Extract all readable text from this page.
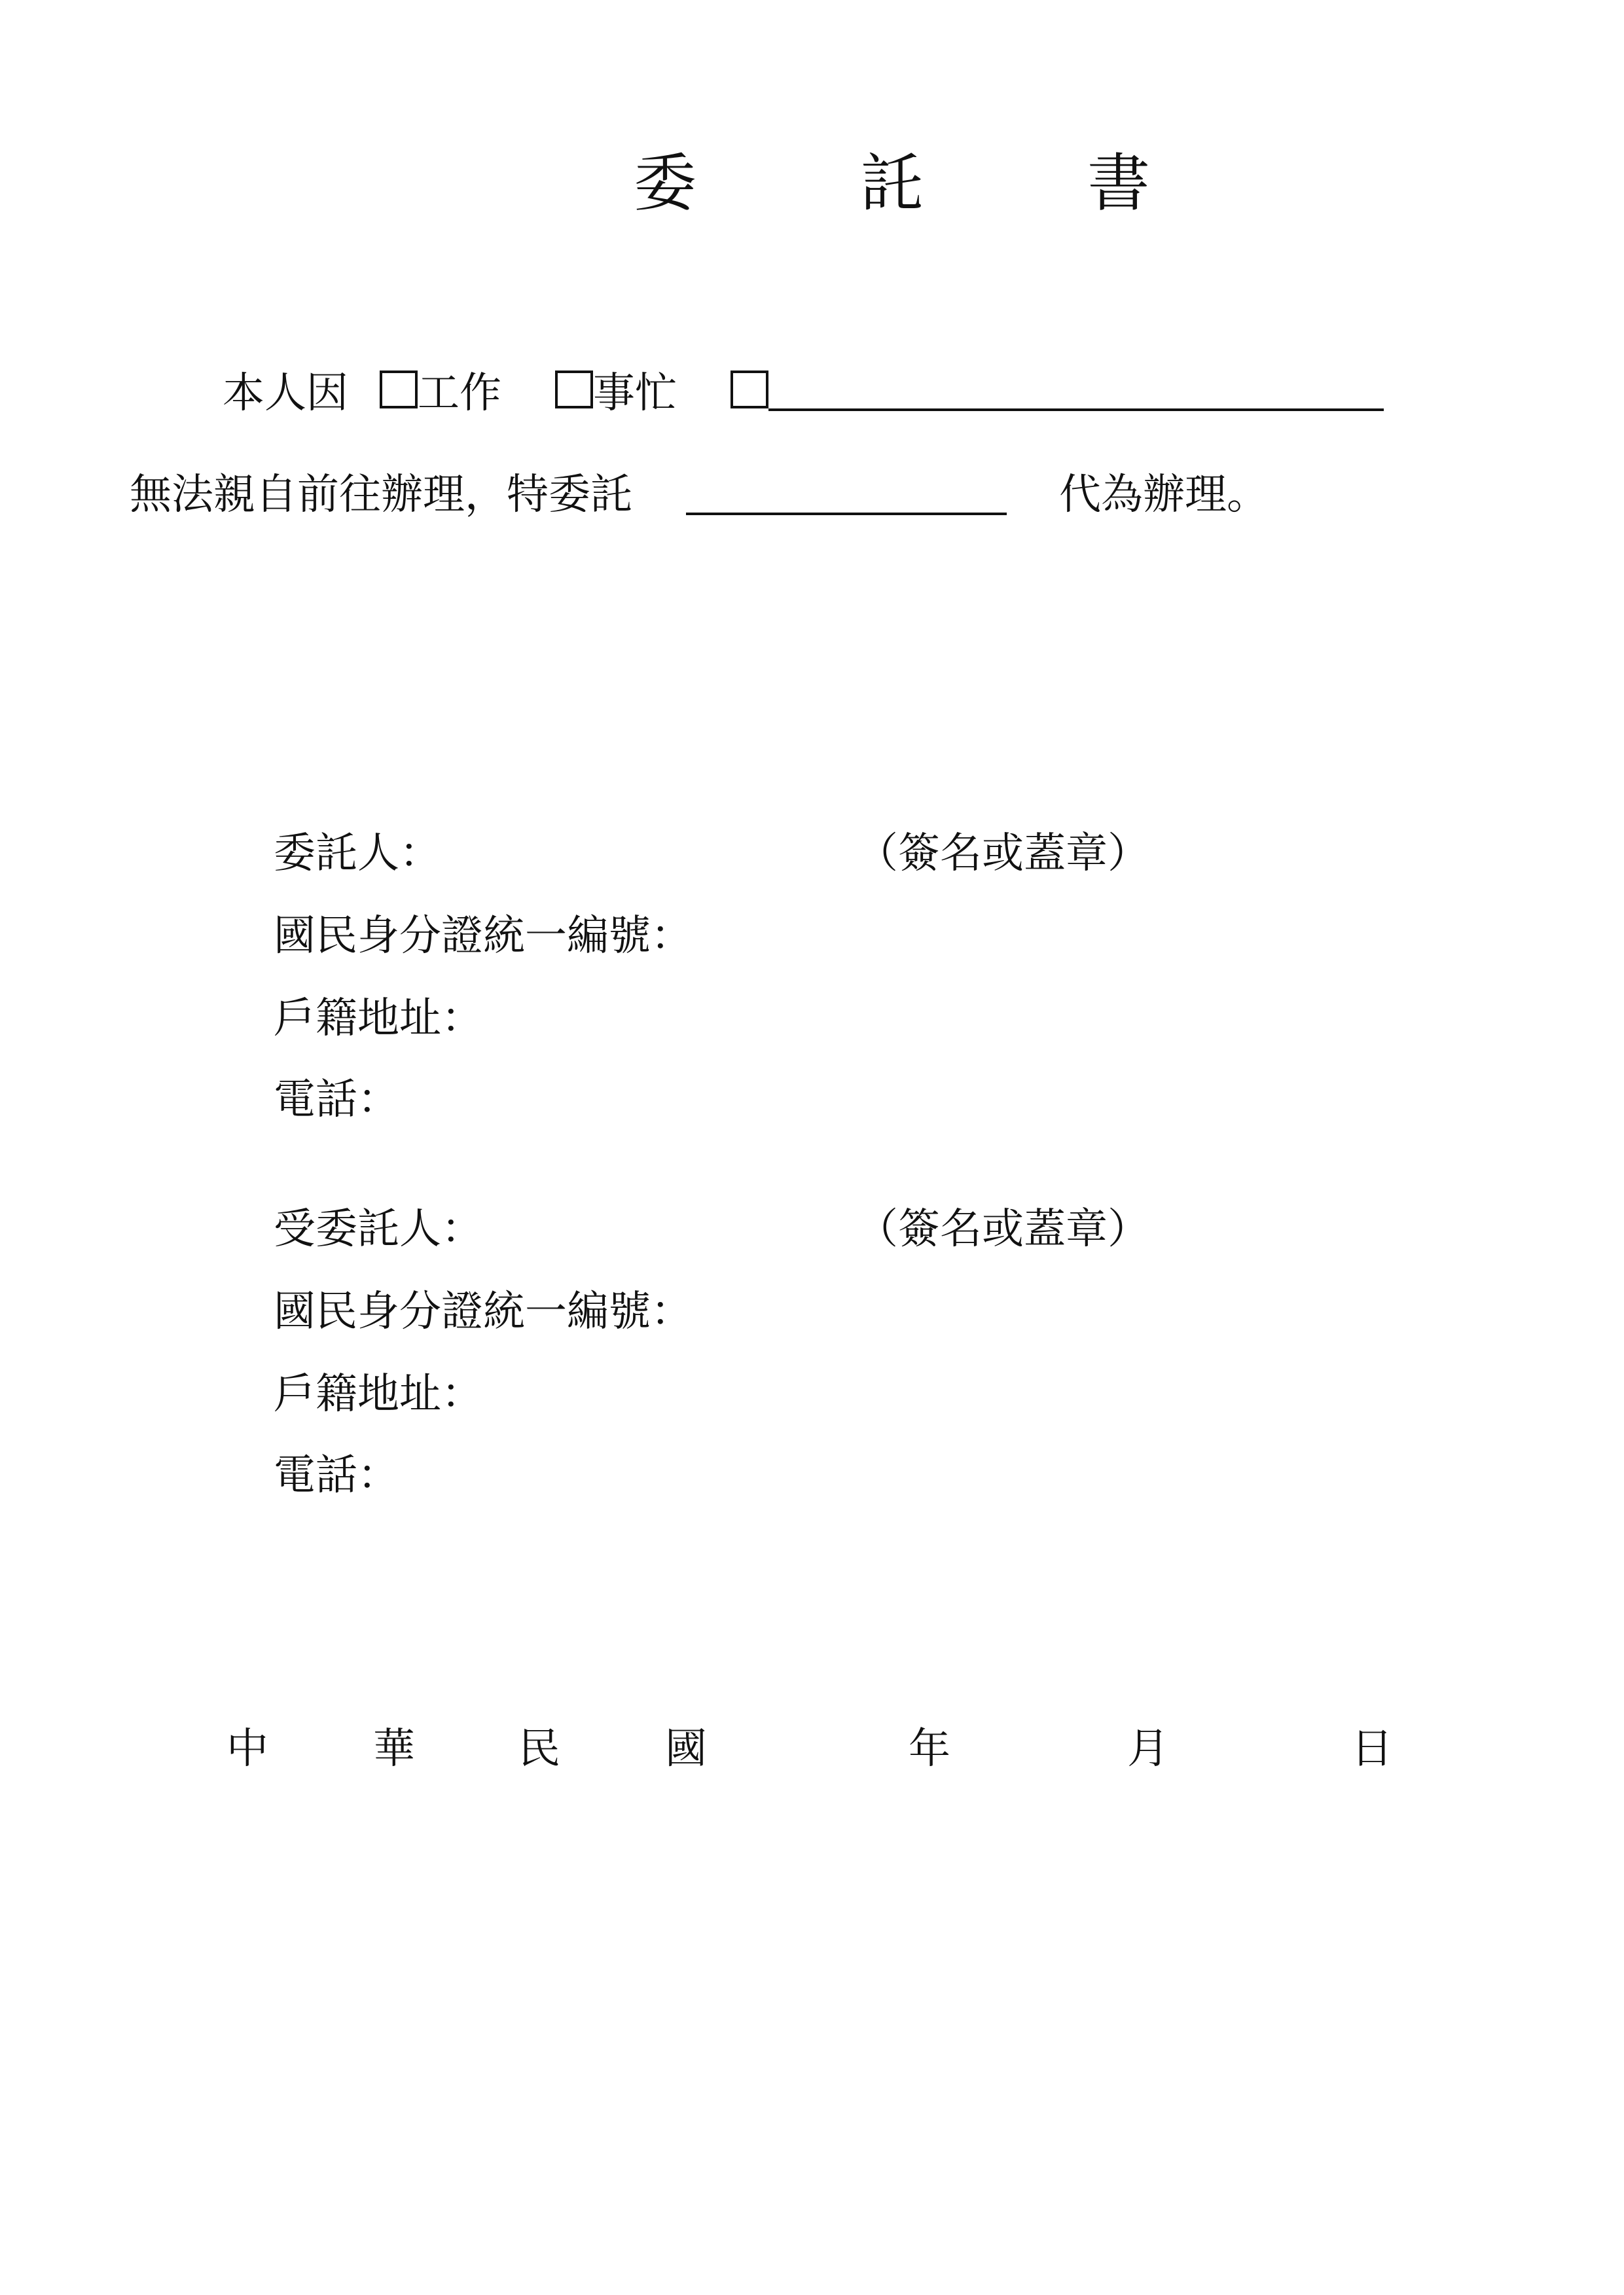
委 託 書
本人因 工作 事忙
無法親自前往辦理，特委託	代為辦理。
委託人：	（簽名或蓋章）
國民身分證統一編號：
戶籍地址：
電話：
受委託人：	（簽名或蓋章）
國民身分證統一編號：
戶籍地址：
電話：
中	華 民	國	年	月	日
